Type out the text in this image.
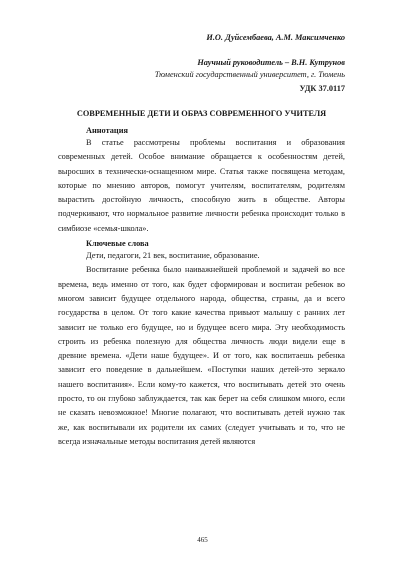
И.О. Дуйсембаева, А.М. Максимченко
Научный руководитель – В.Н. Кутрунов
Тюменский государственный университет, г. Тюмень
УДК 37.0117
СОВРЕМЕННЫЕ ДЕТИ И ОБРАЗ СОВРЕМЕННОГО УЧИТЕЛЯ
Аннотация

В статье рассмотрены проблемы воспитания и образования современных детей. Особое внимание обращается к особенностям детей, выросших в технически-оснащенном мире. Статья также посвящена методам, которые по мнению авторов, помогут учителям, воспитателям, родителям вырастить достойную личность, способную жить в обществе. Авторы подчеркивают, что нормальное развитие личности ребенка происходит только в симбиозе «семья-школа».

Ключевые слова

Дети, педагоги, 21 век, воспитание, образование.

Воспитание ребенка было наиважнейшей проблемой и задачей во все времена, ведь именно от того, как будет сформирован и воспитан ребенок во многом зависит будущее отдельного народа, общества, страны, да и всего государства в целом. От того какие качества привьют малышу с ранних лет зависит не только его будущее, но и будущее всего мира. Эту необходимость строить из ребенка полезную для общества личность люди видели еще в древние времена. «Дети наше будущее». И от того, как воспитаешь ребенка зависит его поведение в дальнейшем. «Поступки наших детей-это зеркало нашего воспитания». Если кому-то кажется, что воспитывать детей это очень просто, то он глубоко заблуждается, так как берет на себя слишком много, если не сказать невозможное! Многие полагают, что воспитывать детей нужно так же, как воспитывали их родители их самих (следует учитывать и то, что не всегда изначальные методы воспитания детей являются

465
